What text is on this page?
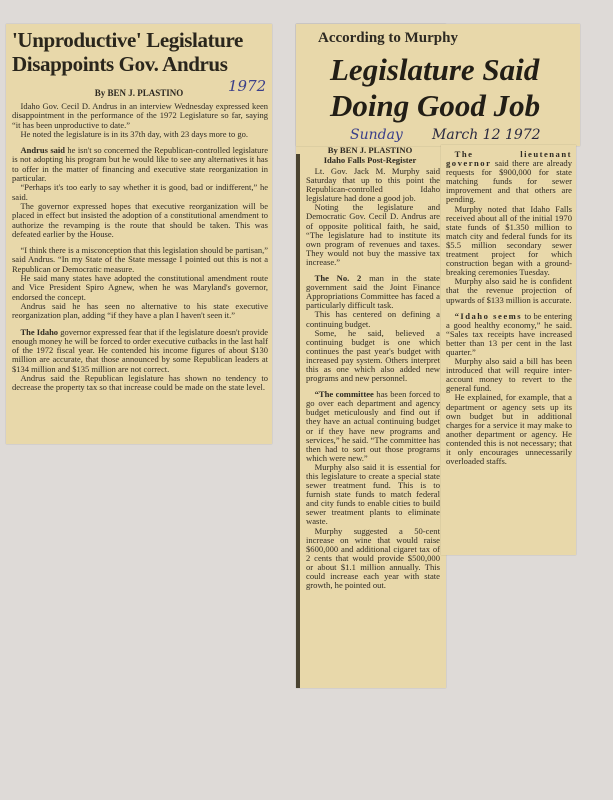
'Unproductive' Legislature
Disappoints Gov. Andrus
1972
By BEN J. PLASTINO

Idaho Gov. Cecil D. Andrus in an interview Wednesday expressed keen disappointment in the performance of the 1972 Legislature so far, saying “it has been unproductive to date.”

He noted the legislature is in its 37th day, with 23 days more to go.

Andrus said he isn't so concerned the Republican-controlled legislature is not adopting his program but he would like to see any alternatives it has to offer in the matter of financing and executive state reorganization in particular.

“Perhaps it's too early to say whether it is good, bad or indifferent,” he said.

The governor expressed hopes that executive reorganization will be placed in effect but insisted the adoption of a constitutional amendment to authorize the revamping is the route that should be taken. This was defeated earlier by the House.

“I think there is a misconception that this legislation should be partisan,” said Andrus. “In my State of the State message I pointed out this is not a Republican or Democratic measure.

He said many states have adopted the constitutional amendment route and Vice President Spiro Agnew, when he was Maryland's governor, endorsed the concept.

Andrus said he has seen no alternative to his state executive reorganization plan, adding “if they have a plan I haven't seen it.”

The Idaho governor expressed fear that if the legislature doesn't provide enough money he will be forced to order executive cutbacks in the last half of the 1972 fiscal year. He contended his income figures of about $130 million are accurate, that those announced by some Republican leaders at $134 million and $135 million are not correct.

Andrus said the Republican legislature has shown no tendency to decrease the property tax so that increase could be made on the state level.

According to Murphy
Legislature Said
Doing Good Job
Sunday March 12 1972
By BEN J. PLASTINO
Idaho Falls Post-Register

Lt. Gov. Jack M. Murphy said Saturday that up to this point the Republican-controlled Idaho legislature had done a good job.

Noting the legislature and Democratic Gov. Cecil D. Andrus are of opposite political faith, he said, “The legislature had to institute its own program of revenues and taxes. They would not buy the massive tax increase.”

The No. 2 man in the state government said the Joint Finance Appropriations Committee has faced a particularly difficult task.

This has centered on defining a continuing budget.

Some, he said, believed a continuing budget is one which continues the past year's budget with increased pay system. Others interpret this as one which also added new programs and new personnel.

“The committee has been forced to go over each department and agency budget meticulously and find out if they have an actual continuing budget or if they have new programs and services,” he said. “The committee has then had to sort out those programs which were new.”

Murphy also said it is essential for this legislature to create a special state sewer treatment fund. This is to furnish state funds to match federal and city funds to enable cities to build sewer treatment plants to eliminate waste.

Murphy suggested a 50-cent increase on wine that would raise $600,000 and additional cigaret tax of 2 cents that would provide $500,000 or about $1.1 million annually. This could increase each year with state growth, he pointed out.

The lieutenant governor said there are already requests for $900,000 for state matching funds for sewer improvement and that others are pending.

Murphy noted that Idaho Falls received about all of the initial 1970 state funds of $1.350 million to match city and federal funds for its $5.5 million secondary sewer treatment project for which construction began with a ground-breaking ceremonies Tuesday.

Murphy also said he is confident that the revenue projection of upwards of $133 million is accurate.

“Idaho seems to be entering a good healthy economy,” he said. “Sales tax receipts have increased better than 13 per cent in the last quarter.”

Murphy also said a bill has been introduced that will require inter-account money to revert to the general fund.

He explained, for example, that a department or agency sets up its own budget but in additional charges for a service it may make to another department or agency. He contended this is not necessary; that it only encourages unnecessarily overloaded staffs.
